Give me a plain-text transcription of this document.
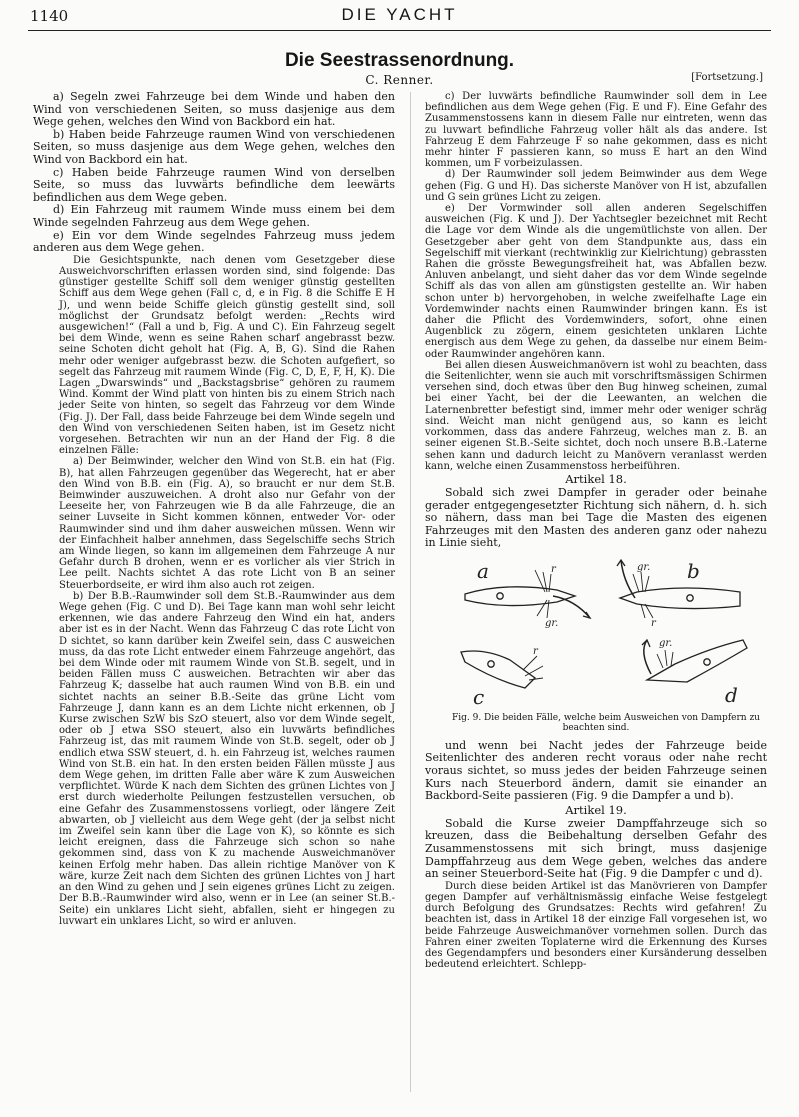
1140	DIE YACHT
Die Seestrassenordnung.
C. Renner.	[Fortsetzung.]

a) Segeln zwei Fahrzeuge bei dem Winde und haben den Wind von verschiedenen Seiten, so muss dasjenige aus dem Wege gehen, welches den Wind von Backbord ein hat.

b) Haben beide Fahrzeuge raumen Wind von verschiedenen Seiten, so muss dasjenige aus dem Wege gehen, welches den Wind von Backbord ein hat.

c) Haben beide Fahrzeuge raumen Wind von derselben Seite, so muss das luvwärts befindliche dem leewärts befindlichen aus dem Wege geben.

d) Ein Fahrzeug mit raumem Winde muss einem bei dem Winde segelnden Fahrzeug aus dem Wege gehen.

e) Ein vor dem Winde segelndes Fahrzeug muss jedem anderen aus dem Wege gehen.

Die Gesichtspunkte, nach denen vom Gesetzgeber diese Ausweichvorschriften erlassen worden sind, sind folgende: Das günstiger gestellte Schiff soll dem weniger günstig gestellten Schiff aus dem Wege gehen (Fall c, d, e in Fig. 8 die Schiffe E H J), und wenn beide Schiffe gleich günstig gestellt sind, soll möglichst der Grundsatz befolgt werden: „Rechts wird ausgewichen!“ (Fall a und b, Fig. A und C). Ein Fahrzeug segelt bei dem Winde, wenn es seine Rahen scharf angebrasst bezw. seine Schoten dicht geholt hat (Fig. A, B, G). Sind die Rahen mehr oder weniger aufgebrasst bezw. die Schoten aufgefiert, so segelt das Fahrzeug mit raumem Winde (Fig. C, D, E, F, H, K). Die Lagen „Dwarswinds“ und „Backstagsbrise“ gehören zu raumem Wind. Kommt der Wind platt von hinten bis zu einem Strich nach jeder Seite von hinten, so segelt das Fahrzeug vor dem Winde (Fig. J). Der Fall, dass beide Fahrzeuge bei dem Winde segeln und den Wind von verschiedenen Seiten haben, ist im Gesetz nicht vorgesehen. Betrachten wir nun an der Hand der Fig. 8 die einzelnen Fälle:

a) Der Beimwinder, welcher den Wind von St.B. ein hat (Fig. B), hat allen Fahrzeugen gegenüber das Wegerecht, hat er aber den Wind von B.B. ein (Fig. A), so braucht er nur dem St.B. Beimwinder auszuweichen. A droht also nur Gefahr von der Leeseite her, von Fahrzeugen wie B da alle Fahrzeuge, die an seiner Luvseite in Sicht kommen können, entweder Vor- oder Raumwinder sind und ihm daher ausweichen müssen. Wenn wir der Einfachheit halber annehmen, dass Segelschiffe sechs Strich am Winde liegen, so kann im allgemeinen dem Fahrzeuge A nur Gefahr durch B drohen, wenn er es vorlicher als vier Strich in Lee peilt. Nachts sichtet A das rote Licht von B an seiner Steuerbordseite, er wird ihm also auch rot zeigen.

b) Der B.B.-Raumwinder soll dem St.B.-Raumwinder aus dem Wege gehen (Fig. C und D). Bei Tage kann man wohl sehr leicht erkennen, wie das andere Fahrzeug den Wind ein hat, anders aber ist es in der Nacht. Wenn das Fahrzeug C das rote Licht von D sichtet, so kann darüber kein Zweifel sein, dass C ausweichen muss, da das rote Licht entweder einem Fahrzeuge angehört, das bei dem Winde oder mit raumem Winde von St.B. segelt, und in beiden Fällen muss C ausweichen. Betrachten wir aber das Fahrzeug K; dasselbe hat auch raumen Wind von B.B. ein und sichtet nachts an seiner B.B.-Seite das grüne Licht vom Fahrzeuge J, dann kann es an dem Lichte nicht erkennen, ob J Kurse zwischen SzW bis SzO steuert, also vor dem Winde segelt, oder ob J etwa SSO steuert, also ein luvwärts befindliches Fahrzeug ist, das mit raumem Winde von St.B. segelt, oder ob J endlich etwa SSW steuert, d. h. ein Fahrzeug ist, welches raumen Wind von St.B. ein hat. In den ersten beiden Fällen müsste J aus dem Wege gehen, im dritten Falle aber wäre K zum Ausweichen verpflichtet. Würde K nach dem Sichten des grünen Lichtes von J erst durch wiederholte Peilungen festzustellen versuchen, ob eine Gefahr des Zusammenstossens vorliegt, oder längere Zeit abwarten, ob J vielleicht aus dem Wege geht (der ja selbst nicht im Zweifel sein kann über die Lage von K), so könnte es sich leicht ereignen, dass die Fahrzeuge sich schon so nahe gekommen sind, dass von K zu machende Ausweichmanöver keinen Erfolg mehr haben. Das allein richtige Manöver von K wäre, kurze Zeit nach dem Sichten des grünen Lichtes von J hart an den Wind zu gehen und J sein eigenes grünes Licht zu zeigen. Der B.B.-Raumwinder wird also, wenn er in Lee (an seiner St.B.-Seite) ein unklares Licht sieht, abfallen, sieht er hingegen zu luvwart ein unklares Licht, so wird er anluven.

c) Der luvwärts befindliche Raumwinder soll dem in Lee befindlichen aus dem Wege gehen (Fig. E und F). Eine Gefahr des Zusammenstossens kann in diesem Falle nur eintreten, wenn das zu luvwart befindliche Fahrzeug voller hält als das andere. Ist Fahrzeug E dem Fahrzeuge F so nahe gekommen, dass es nicht mehr hinter F passieren kann, so muss E hart an den Wind kommen, um F vorbeizulassen.

d) Der Raumwinder soll jedem Beimwinder aus dem Wege gehen (Fig. G und H). Das sicherste Manöver von H ist, abzufallen und G sein grünes Licht zu zeigen.

e) Der Vormwinder soll allen anderen Segelschiffen ausweichen (Fig. K und J). Der Yachtsegler bezeichnet mit Recht die Lage vor dem Winde als die ungemütlichste von allen. Der Gesetzgeber aber geht von dem Standpunkte aus, dass ein Segelschiff mit vierkant (rechtwinklig zur Kielrichtung) gebrassten Rahen die grösste Bewegungsfreiheit hat, was Abfallen bezw. Anluven anbelangt, und sieht daher das vor dem Winde segelnde Schiff als das von allen am günstigsten gestellte an. Wir haben schon unter b) hervorgehoben, in welche zweifelhafte Lage ein Vordemwinder nachts einen Raumwinder bringen kann. Es ist daher die Pflicht des Vordemwinders, sofort, ohne einen Augenblick zu zögern, einem gesichteten unklaren Lichte energisch aus dem Wege zu gehen, da dasselbe nur einem Beim- oder Raumwinder angehören kann.

Bei allen diesen Ausweichmanövern ist wohl zu beachten, dass die Seitenlichter, wenn sie auch mit vorschriftsmässigen Schirmen versehen sind, doch etwas über den Bug hinweg scheinen, zumal bei einer Yacht, bei der die Leewanten, an welchen die Laternenbretter befestigt sind, immer mehr oder weniger schräg sind. Weicht man nicht genügend aus, so kann es leicht vorkommen, dass das andere Fahrzeug, welches man z. B. an seiner eigenen St.B.-Seite sichtet, doch noch unsere B.B.-Laterne sehen kann und dadurch leicht zu Manövern veranlasst werden kann, welche einen Zusammenstoss herbeiführen.

Artikel 18.

Sobald sich zwei Dampfer in gerader oder beinahe gerader entgegengesetzter Richtung sich nähern, d. h. sich so nähern, dass man bei Tage die Masten des eigenen Fahrzeuges mit den Masten des anderen ganz oder nahezu in Linie sieht,

a	r
gr.
b
gr.
r
c
r
d
gr.

Fig. 9. Die beiden Fälle, welche beim Ausweichen von Dampfern zu beachten sind.

und wenn bei Nacht jedes der Fahrzeuge beide Seitenlichter des anderen recht voraus oder nahe recht voraus sichtet, so muss jedes der beiden Fahrzeuge seinen Kurs nach Steuerbord ändern, damit sie einander an Backbord-Seite passieren (Fig. 9 die Dampfer a und b).

Artikel 19.

Sobald die Kurse zweier Dampffahrzeuge sich so kreuzen, dass die Beibehaltung derselben Gefahr des Zusammenstossens mit sich bringt, muss dasjenige Dampffahrzeug aus dem Wege geben, welches das andere an seiner Steuerbord-Seite hat (Fig. 9 die Dampfer c und d).

Durch diese beiden Artikel ist das Manövrieren von Dampfer gegen Dampfer auf verhältnismässig einfache Weise festgelegt durch Befolgung des Grundsatzes: Rechts wird gefahren! Zu beachten ist, dass in Artikel 18 der einzige Fall vorgesehen ist, wo beide Fahrzeuge Ausweichmanöver vornehmen sollen. Durch das Fahren einer zweiten Toplaterne wird die Erkennung des Kurses des Gegendampfers und besonders einer Kursänderung desselben bedeutend erleichtert. Schlepp-
